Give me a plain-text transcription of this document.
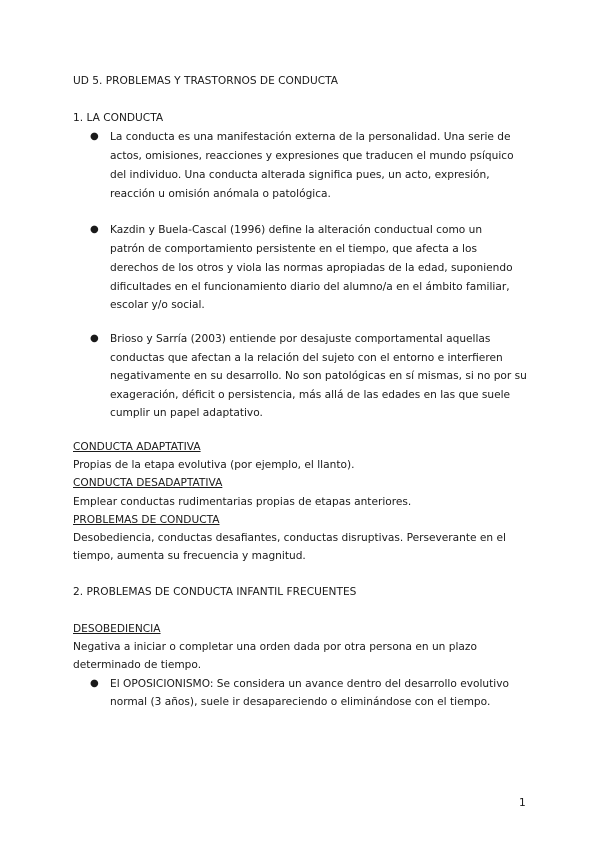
UD 5. PROBLEMAS Y TRASTORNOS DE CONDUCTA
1. LA CONDUCTA
● La conducta es una manifestación externa de la personalidad. Una serie de
actos, omisiones, reacciones y expresiones que traducen el mundo psíquico
del individuo. Una conducta alterada significa pues, un acto, expresión,
reacción u omisión anómala o patológica.
● Kazdin y Buela-Cascal (1996) define la alteración conductual como un
patrón de comportamiento persistente en el tiempo, que afecta a los
derechos de los otros y viola las normas apropiadas de la edad, suponiendo
dificultades en el funcionamiento diario del alumno/a en el ámbito familiar,
escolar y/o social.
● Brioso y Sarría (2003) entiende por desajuste comportamental aquellas
conductas que afectan a la relación del sujeto con el entorno e interfieren
negativamente en su desarrollo. No son patológicas en sí mismas, si no por su
exageración, déficit o persistencia, más allá de las edades en las que suele
cumplir un papel adaptativo.
CONDUCTA ADAPTATIVA
Propias de la etapa evolutiva (por ejemplo, el llanto).
CONDUCTA DESADAPTATIVA
Emplear conductas rudimentarias propias de etapas anteriores.
PROBLEMAS DE CONDUCTA
Desobediencia, conductas desafiantes, conductas disruptivas. Perseverante en el
tiempo, aumenta su frecuencia y magnitud.
2. PROBLEMAS DE CONDUCTA INFANTIL FRECUENTES
DESOBEDIENCIA
Negativa a iniciar o completar una orden dada por otra persona en un plazo
determinado de tiempo.
● El OPOSICIONISMO: Se considera un avance dentro del desarrollo evolutivo
normal (3 años), suele ir desapareciendo o eliminándose con el tiempo.
1
